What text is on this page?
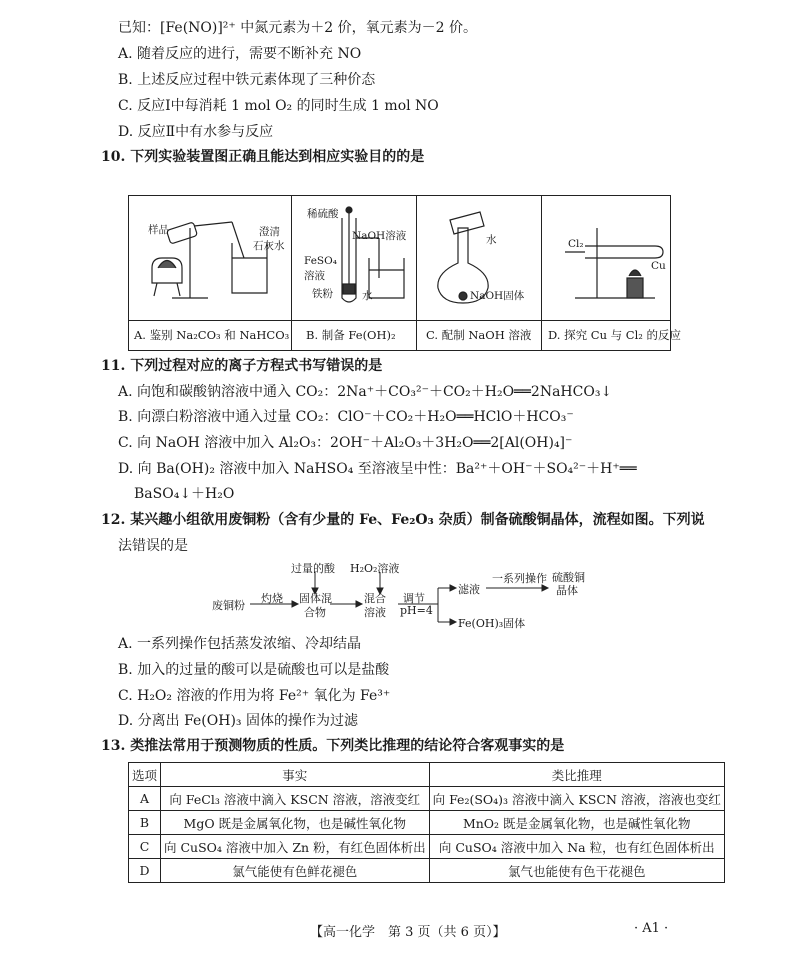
已知：[Fe(NO)]²⁺ 中氮元素为＋2 价，氧元素为－2 价。
A. 随着反应的进行，需要不断补充 NO
B. 上述反应过程中铁元素体现了三种价态
C. 反应Ⅰ中每消耗 1 mol O₂ 的同时生成 1 mol NO
D. 反应Ⅱ中有水参与反应
10. 下列实验装置图正确且能达到相应实验目的的是
样品	澄清
石灰水
稀硫酸
NaOH溶液
FeSO₄
溶液
铁粉	水
水
NaOH固体
Cl₂
Cu
A. 鉴别 Na₂CO₃ 和 NaHCO₃ B. 制备 Fe(OH)₂	C. 配制 NaOH 溶液 D. 探究 Cu 与 Cl₂ 的反应
11. 下列过程对应的离子方程式书写错误的是
A. 向饱和碳酸钠溶液中通入 CO₂：2Na⁺＋CO₃²⁻＋CO₂＋H₂O══2NaHCO₃↓
B. 向漂白粉溶液中通入过量 CO₂：ClO⁻＋CO₂＋H₂O══HClO＋HCO₃⁻
C. 向 NaOH 溶液中加入 Al₂O₃：2OH⁻＋Al₂O₃＋3H₂O══2[Al(OH)₄]⁻
D. 向 Ba(OH)₂ 溶液中加入 NaHSO₄ 至溶液呈中性：Ba²⁺＋OH⁻＋SO₄²⁻＋H⁺══
BaSO₄↓＋H₂O
12. 某兴趣小组欲用废铜粉（含有少量的 Fe、Fe₂O₃ 杂质）制备硫酸铜晶体，流程如图。下列说
法错误的是
废铜粉
灼烧 固体混
合物
过量的酸 H₂O₂溶液
混合
溶液
调节
pH=4
滤液
一系列操作 硫酸铜
晶体
Fe(OH)₃固体
A. 一系列操作包括蒸发浓缩、冷却结晶
B. 加入的过量的酸可以是硫酸也可以是盐酸
C. H₂O₂ 溶液的作用为将 Fe²⁺ 氧化为 Fe³⁺
D. 分离出 Fe(OH)₃ 固体的操作为过滤
13. 类推法常用于预测物质的性质。下列类比推理的结论符合客观事实的是
选项	事实	类比推理
A	向 FeCl₃ 溶液中滴入 KSCN 溶液，溶液变红	向 Fe₂(SO₄)₃ 溶液中滴入 KSCN 溶液，溶液也变红
B	MgO 既是金属氧化物，也是碱性氧化物	MnO₂ 既是金属氧化物，也是碱性氧化物
C	向 CuSO₄ 溶液中加入 Zn 粉，有红色固体析出	向 CuSO₄ 溶液中加入 Na 粒，也有红色固体析出
D	氯气能使有色鲜花褪色	氯气也能使有色干花褪色
【高一化学　第 3 页（共 6 页）】	· A1 ·
